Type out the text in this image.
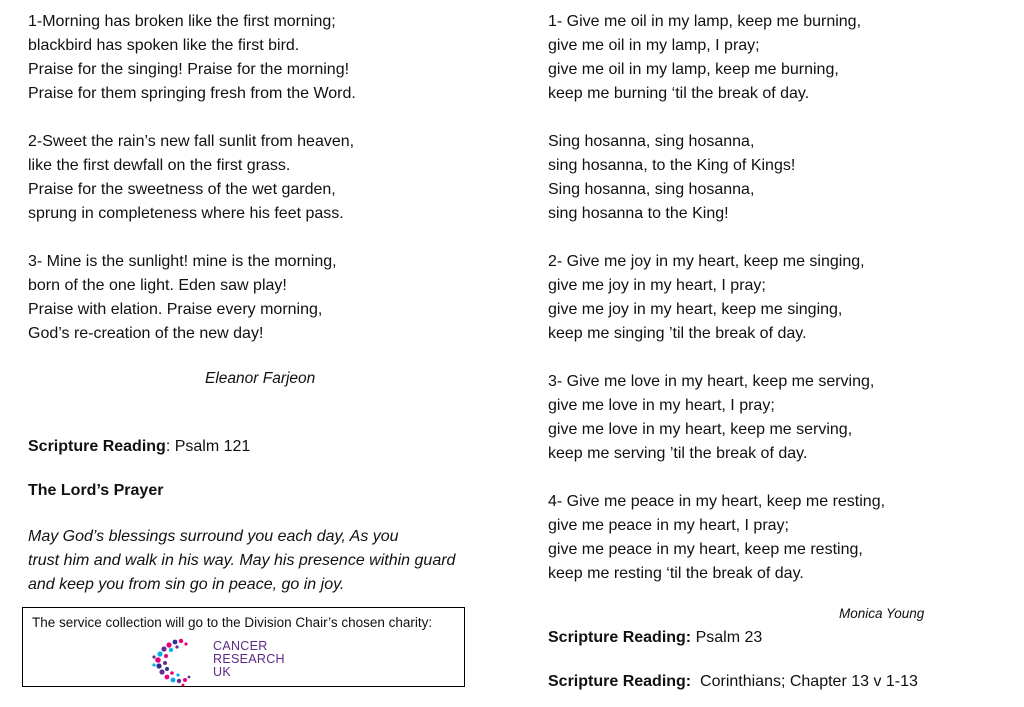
1-Morning has broken like the first morning;
blackbird has spoken like the first bird.
Praise for the singing! Praise for the morning!
Praise for them springing fresh from the Word.
2-Sweet the rain’s new fall sunlit from heaven,
like the first dewfall on the first grass.
Praise for the sweetness of the wet garden,
sprung in completeness where his feet pass.
3- Mine is the sunlight! mine is the morning,
born of the one light. Eden saw play!
Praise with elation. Praise every morning,
God’s re-creation of the new day!
Eleanor Farjeon
Scripture Reading: Psalm 121
The Lord’s Prayer
May God’s blessings surround you each day, As you
trust him and walk in his way. May his presence within guard
and keep you from sin go in peace, go in joy.
The service collection will go to the Division Chair’s chosen charity:
CANCER
RESEARCH
UK
1- Give me oil in my lamp, keep me burning,
give me oil in my lamp, I pray;
give me oil in my lamp, keep me burning,
keep me burning ‘til the break of day.
Sing hosanna, sing hosanna,
sing hosanna, to the King of Kings!
Sing hosanna, sing hosanna,
sing hosanna to the King!
2- Give me joy in my heart, keep me singing,
give me joy in my heart, I pray;
give me joy in my heart, keep me singing,
keep me singing ’til the break of day.
3- Give me love in my heart, keep me serving,
give me love in my heart, I pray;
give me love in my heart, keep me serving,
keep me serving ’til the break of day.
4- Give me peace in my heart, keep me resting,
give me peace in my heart, I pray;
give me peace in my heart, keep me resting,
keep me resting ‘til the break of day.
Monica Young
Scripture Reading: Psalm 23
Scripture Reading:  Corinthians; Chapter 13 v 1-13
